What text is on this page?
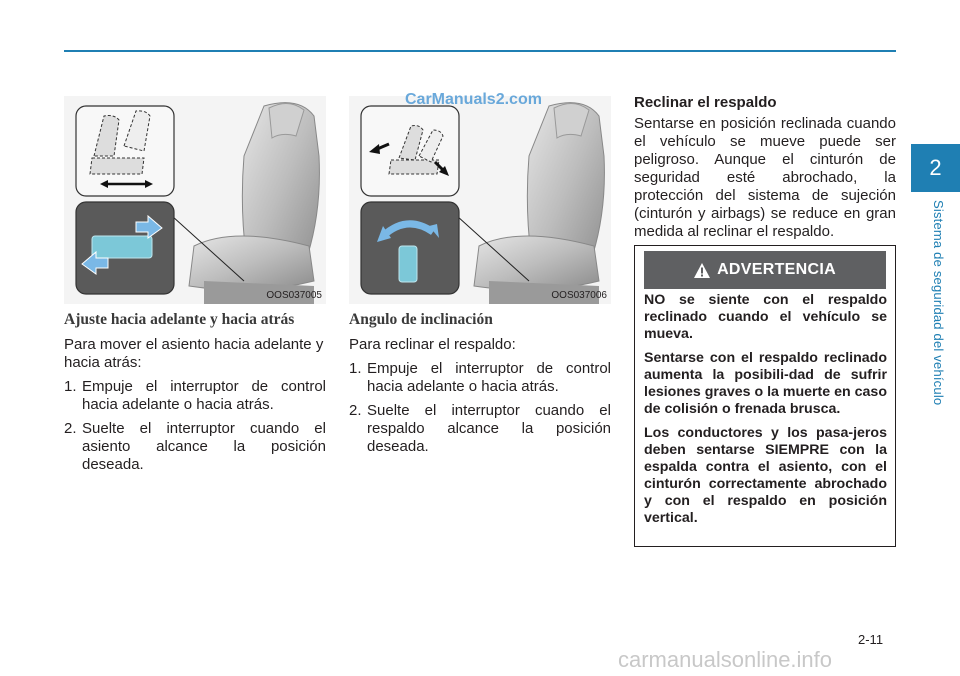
2
Sistema de seguridad del vehículo
OOS037005	OOS037006
CarManuals2.com
Ajuste hacia adelante y hacia atrás

Para mover el asiento hacia adelante y hacia atrás:

1. Empuje el interruptor de control hacia adelante o hacia atrás.
2. Suelte el interruptor cuando el asiento alcance la posición deseada.
Angulo de inclinación

Para reclinar el respaldo:

1. Empuje el interruptor de control hacia adelante o hacia atrás.
2. Suelte el interruptor cuando el respaldo alcance la posición deseada.

Reclinar el respaldo

Sentarse en posición reclinada cuando el vehículo se mueve puede ser peligroso. Aunque el cinturón de seguridad esté abrochado, la protección del sistema de sujeción (cinturón y airbags) se reduce en gran medida al reclinar el respaldo.

ADVERTENCIA

NO se siente con el respaldo reclinado cuando el vehículo se mueva.

Sentarse con el respaldo reclinado aumenta la posibili-dad de sufrir lesiones graves o la muerte en caso de colisión o frenada brusca.

Los conductores y los pasa-jeros deben sentarse SIEMPRE con la espalda contra el asiento, con el cinturón correctamente abrochado y con el respaldo en posición vertical.

2-11
carmanualsonline.info
